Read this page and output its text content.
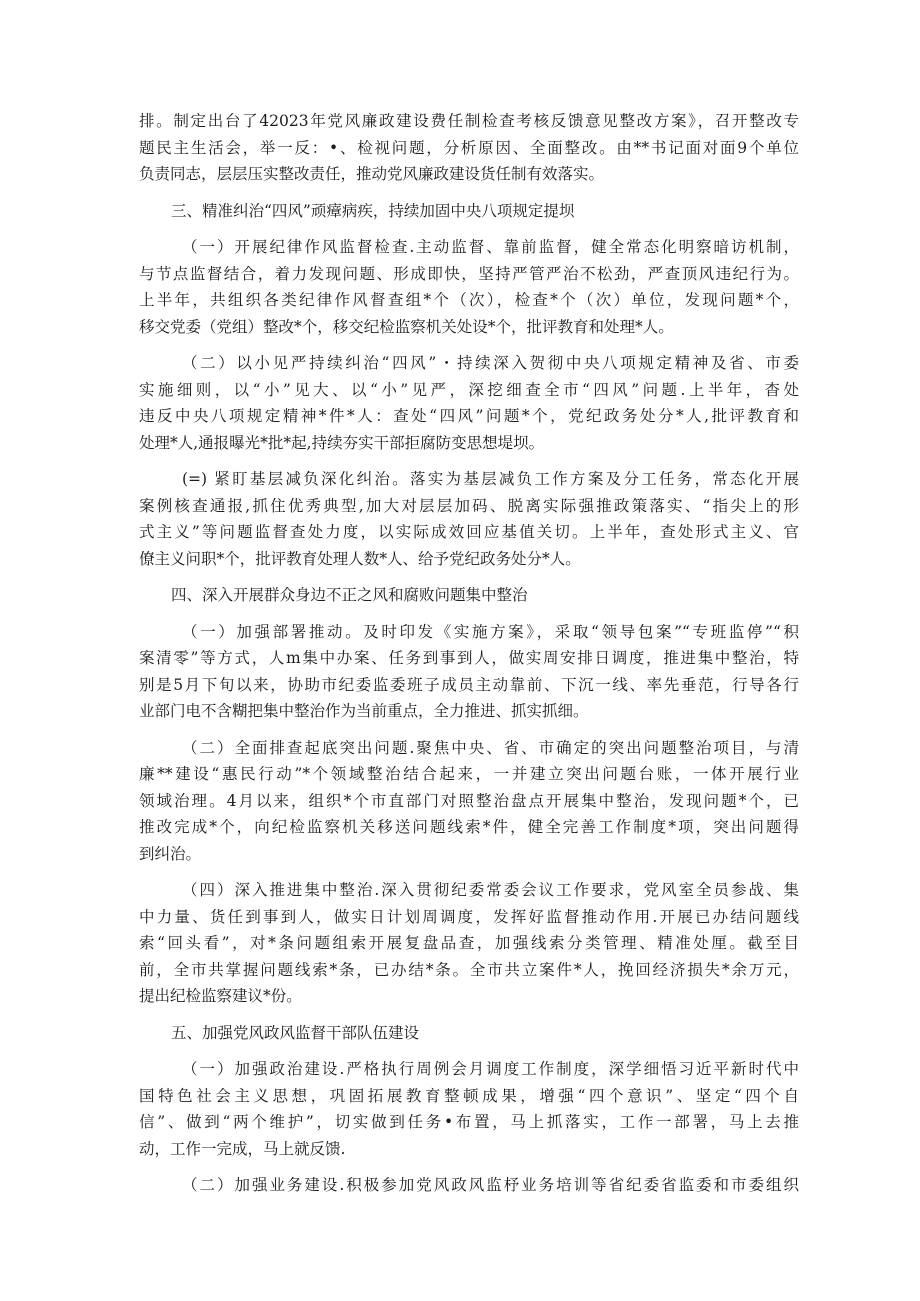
排。制定出台了42023年党风廉政建设费任制检查考核反馈意见整改方案》，召开整改专
题民主生活会，举一反：•、检视问题，分析原因、全面整改。由**书记面对面9个单位
负责同志，层层压实整改责任，推动党风廉政建设货任制有效落实。
三、精准纠治“四风”顽瘴病疾，持续加固中央八项规定提坝
（一）开展纪律作风监督检查.主动监督、靠前监督，健全常态化明察暗访机制，
与节点监督结合，着力发现问题、形成即快，坚持严管严治不松劲，严查顶风违纪行为。
上半年，共组织各类纪律作风督查组*个（次），检查*个（次）单位，发现问题*个，
移交党委（党组）整改*个，移交纪检监察机关处设*个，批评教育和处理*人。
（二）以小见严持续纠治“四风”・持续深入贺彻中央八项规定精神及省、市委
实施细则，以“小”见大、以“小”见严，深挖细查全市“四风”问题.上半年，杳处
违反中央八项规定精神*件*人：查处“四风”问题*个，党纪政务处分*人,批评教育和
处理*人,通报曝光*批*起,持续夯实干部拒腐防变思想堤坝。
(=) 紧盯基层减负深化纠治。落实为基层减负工作方案及分工任务，常态化开展
案例核查通报,抓住优秀典型,加大对层层加码、脱离实际强推政策落实、“指尖上的形
式主义”等问题监督查处力度，以实际成效回应基值关切。上半年，查处形式主义、官
僚主义问职*个，批评教育处理人数*人、给予党纪政务处分*人。
四、深入开展群众身边不正之风和腐败问题集中整治
（一）加强部署推动。及时印发《实施方案》，采取“领导包案”“专班监停”“积
案清零”等方式，人m集中办案、任务到事到人，做实周安排日调度，推进集中整治，特
别是5月下旬以来，协助市纪委监委班子成员主动靠前、下沉一线、率先垂范，行导各行
业部门电不含糊把集中整治作为当前重点，全力推进、抓实抓细。
（二）全面排查起底突出问题.聚焦中央、省、市确定的突出问题整治项目，与清
廉**建设“惠民行动”*个领域整治结合起来，一并建立突出问题台账，一体开展行业
领域治理。4月以来，组织*个市直部门对照整治盘点开展集中整治，发现问题*个，已
推改完成*个，向纪检监察机关移送问题线索*件，健全完善工作制度*项，突出问题得
到纠治。
（四）深入推进集中整治.深入贯彻纪委常委会议工作要求，党风室全员参战、集
中力量、货任到事到人，做实日计划周调度，发挥好监督推动作用.开展已办结问题线
索“回头看”，对*条问题组索开展复盘品查，加强线索分类管理、精准处厘。截至目
前，全市共掌握问题线索*条，已办结*条。全市共立案件*人，挽回经济损失*余万元，
提出纪检监察建议*份。
五、加强党风政风监督干部队伍建设
（一）加强政治建设.严格执行周例会月调度工作制度，深学细悟习近平新时代中
国特色社会主义思想，巩固拓展教育整顿成果，增强“四个意识”、坚定“四个自
信”、做到“两个维护”，切实做到任务•布置，马上抓落实，工作一部署，马上去推
动，工作一完成，马上就反馈.
（二）加强业务建设.积极参加党风政风监杼业务培训等省纪委省监委和市委组织
